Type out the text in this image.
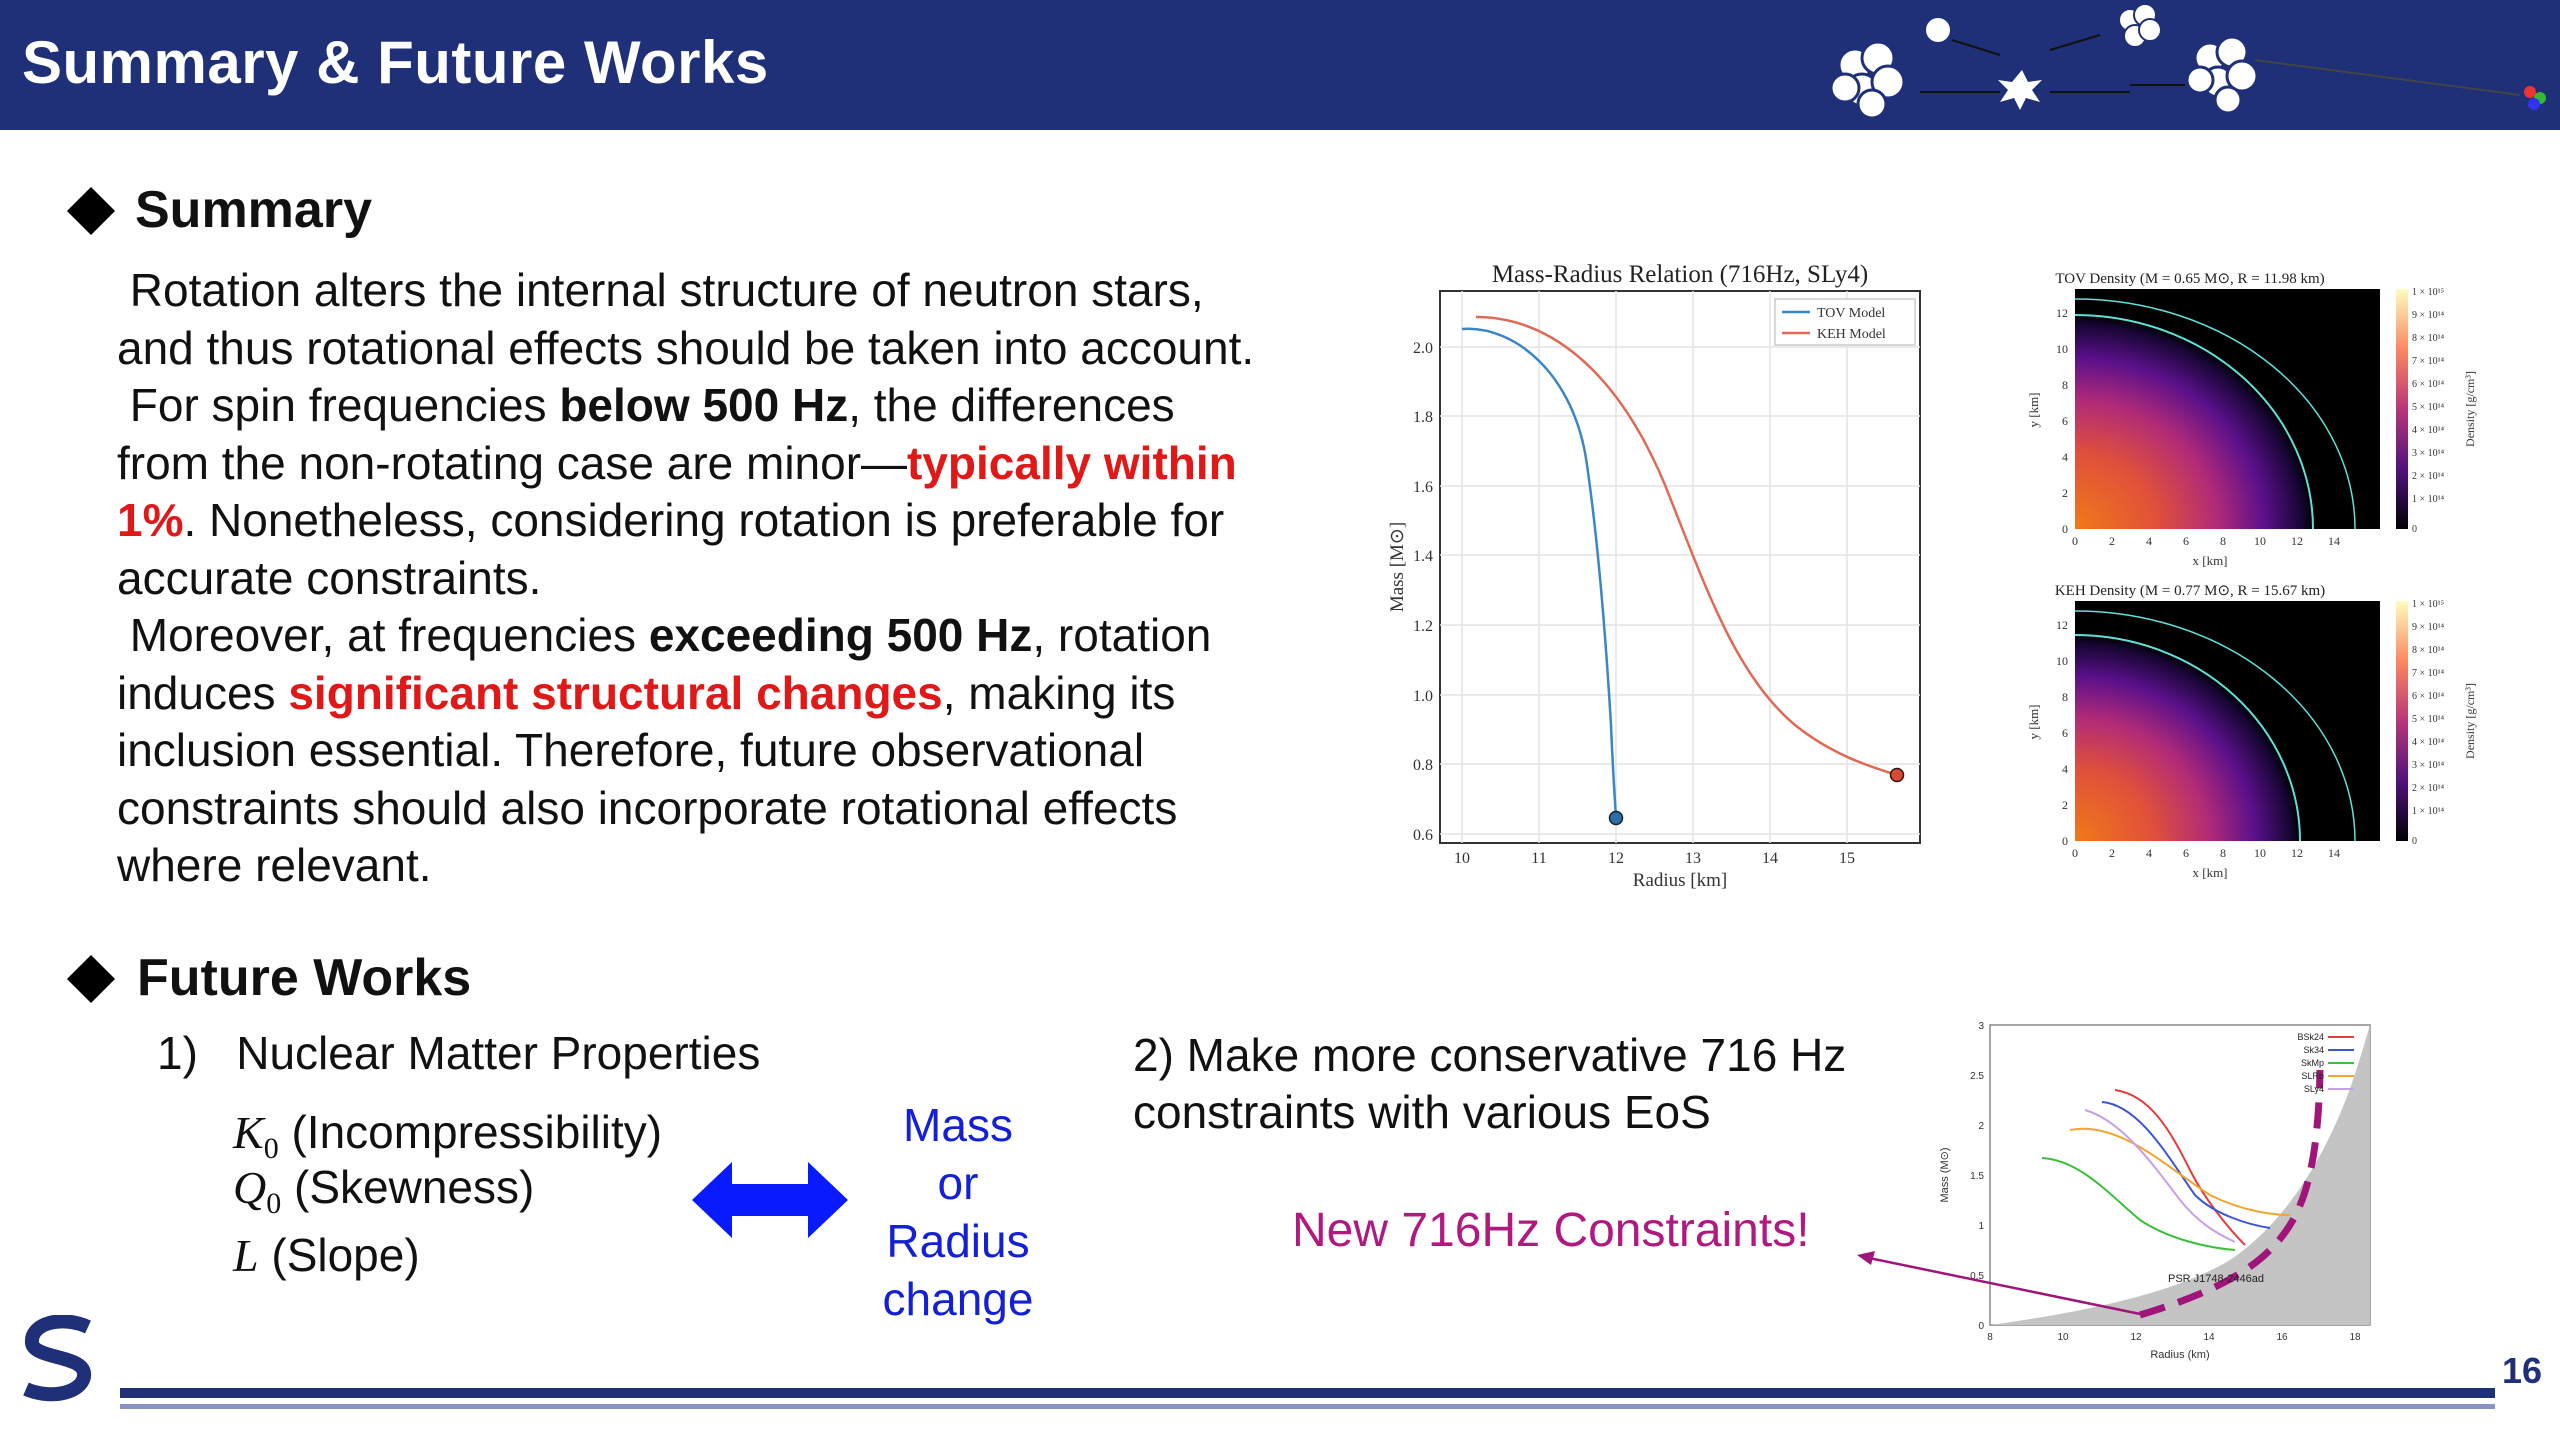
Summary & Future Works
Summary
Rotation alters the internal structure of neutron stars,
and thus rotational effects should be taken into account.
For spin frequencies below 500 Hz, the differences
from the non-rotating case are minor—typically within
1%. Nonetheless, considering rotation is preferable for
accurate constraints.
Moreover, at frequencies exceeding 500 Hz, rotation
induces significant structural changes, making its
inclusion essential. Therefore, future observational
constraints should also incorporate rotational effects
where relevant.
Mass-Radius Relation (716Hz, SLy4)
10	11	12	13	14	15
0.6
0.8
1.0
1.2
1.4
1.6
1.8
2.0
Radius [km]
Mass [M⊙]
TOV Model
KEH Model
TOV Density (M = 0.65 M⊙, R = 11.98 km)
0	2	4	6	8 10 12 14
0
2
4
6
8
10
12
x [km]
y [km]
1 × 10¹⁵
9 × 10¹⁴
8 × 10¹⁴
7 × 10¹⁴
6 × 10¹⁴
5 × 10¹⁴
4 × 10¹⁴
3 × 10¹⁴
2 × 10¹⁴
1 × 10¹⁴
0
Density [g/cm³]
KEH Density (M = 0.77 M⊙, R = 15.67 km)
0	2	4	6	8 10 12 14
0
2
4
6
8
10
12
x [km]
y [km]
1 × 10¹⁵
9 × 10¹⁴
8 × 10¹⁴
7 × 10¹⁴
6 × 10¹⁴
5 × 10¹⁴
4 × 10¹⁴
3 × 10¹⁴
2 × 10¹⁴
1 × 10¹⁴
0
Density [g/cm³]
Future Works
1)   Nuclear Matter Properties
$K_0$ (Incompressibility)
$Q_0$ (Skewness)
L (Slope)
Mass
or
Radius
change
2) Make more conservative 716 Hz
constraints with various EoS
New 716Hz Constraints!
PSR J1748-2446ad
8	10	12	14	16	18
0
0.5
1
1.5
2
2.5
3
Radius (km)
Mass (M⊙)
BSk24
Sk34
SkMp
SLRb
SLy4
16
